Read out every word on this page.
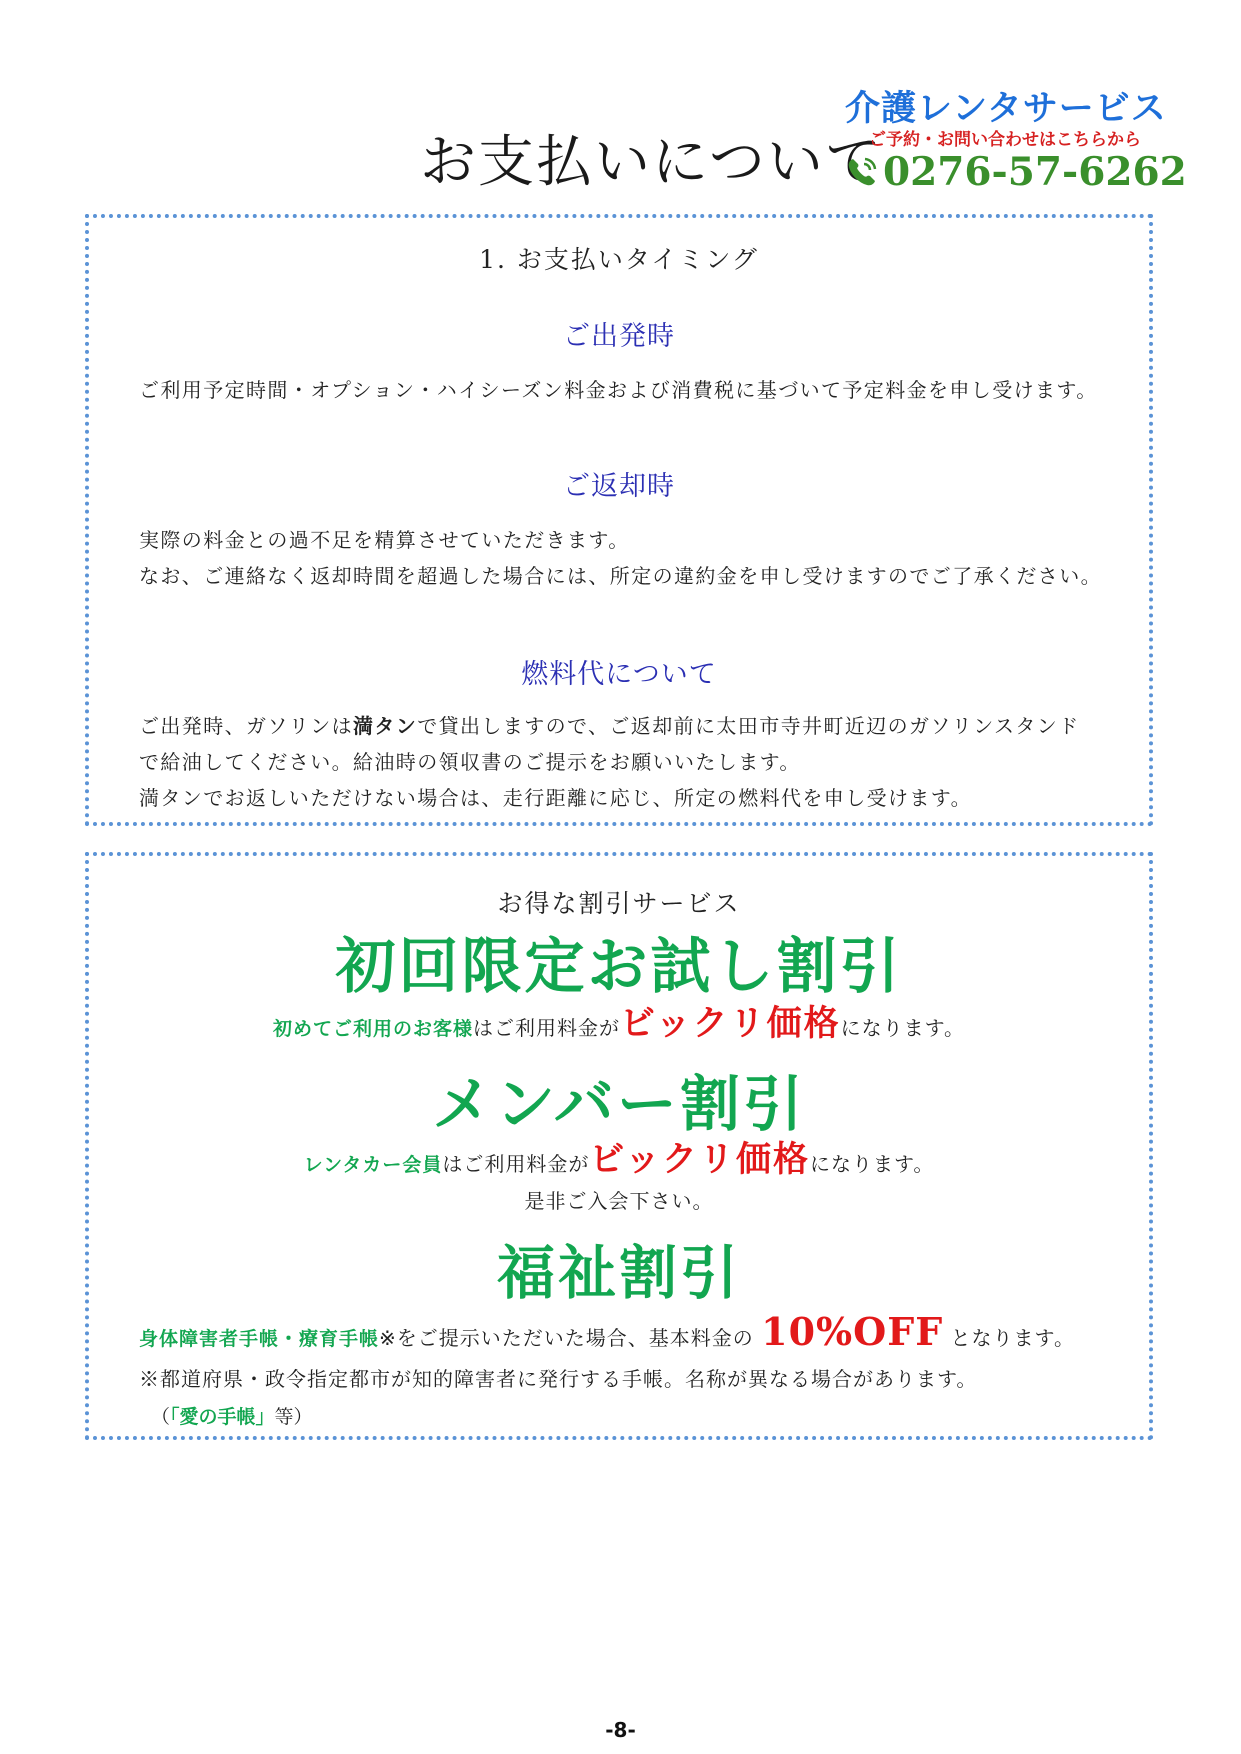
お支払いについて
介護レンタサービス
ご予約・お問い合わせはこちらから
0276-57-6262
1. お支払いタイミング
ご出発時
ご利用予定時間・オプション・ハイシーズン料金および消費税に基づいて予定料金を申し受けます。
ご返却時
実際の料金との過不足を精算させていただきます。
なお、ご連絡なく返却時間を超過した場合には、所定の違約金を申し受けますのでご了承ください。
燃料代について
ご出発時、ガソリンは満タンで貸出しますので、ご返却前に太田市寺井町近辺のガソリンスタンド
で給油してください。給油時の領収書のご提示をお願いいたします。
満タンでお返しいただけない場合は、走行距離に応じ、所定の燃料代を申し受けます。
お得な割引サービス
初回限定お試し割引
初めてご利用のお客様はご利用料金がビックリ価格になります。
メンバー割引
レンタカー会員はご利用料金がビックリ価格になります。
是非ご入会下さい。
福祉割引
身体障害者手帳・療育手帳※をご提示いただいた場合、基本料金の 10%OFF となります。
※都道府県・政令指定都市が知的障害者に発行する手帳。名称が異なる場合があります。
（「愛の手帳」等）
-8-
